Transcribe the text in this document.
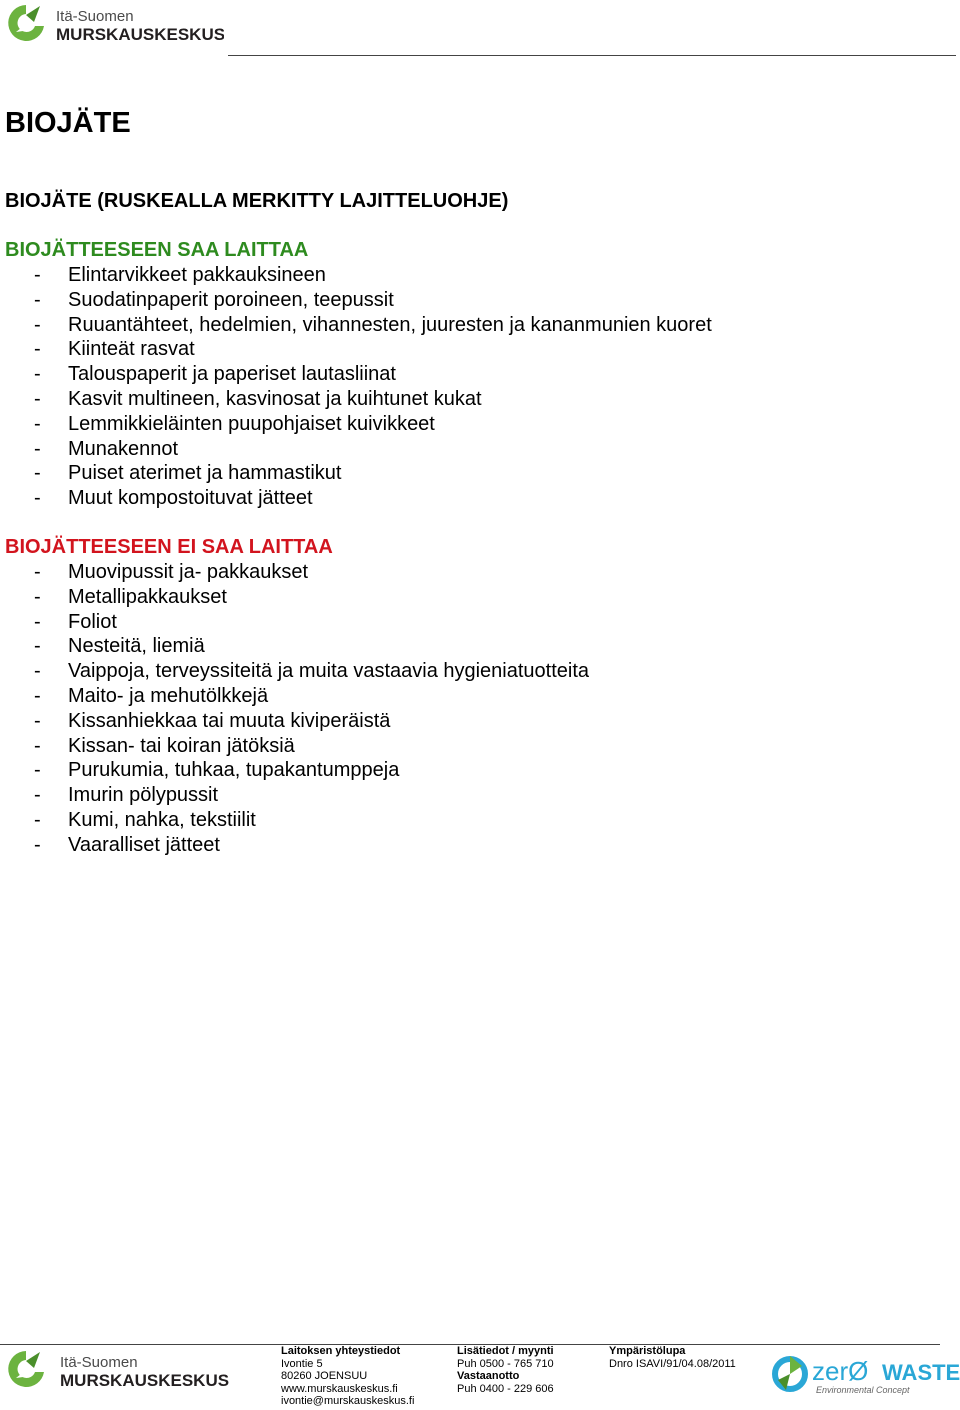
Itä-Suomen
MURSKAUSKESKUS
BIOJÄTE
BIOJÄTE (RUSKEALLA MERKITTY LAJITTELUOHJE)
BIOJÄTTEESEEN SAA LAITTAA
- Elintarvikkeet pakkauksineen
- Suodatinpaperit poroineen, teepussit
- Ruuantähteet, hedelmien, vihannesten, juuresten ja kananmunien kuoret
- Kiinteät rasvat
- Talouspaperit ja paperiset lautasliinat
- Kasvit multineen, kasvinosat ja kuihtunet kukat
- Lemmikkieläinten puupohjaiset kuivikkeet
- Munakennot
- Puiset aterimet ja hammastikut
- Muut kompostoituvat jätteet
BIOJÄTTEESEEN EI SAA LAITTAA
- Muovipussit ja- pakkaukset
- Metallipakkaukset
- Foliot
- Nesteitä, liemiä
- Vaippoja, terveyssiteitä ja muita vastaavia hygieniatuotteita
- Maito- ja mehutölkkejä
- Kissanhiekkaa tai muuta kiviperäistä
- Kissan- tai koiran jätöksiä
- Purukumia, tuhkaa, tupakantumppeja
- Imurin pölypussit
- Kumi, nahka, tekstiilit
- Vaaralliset jätteet
Itä-Suomen
MURSKAUSKESKUS
Laitoksen yhteystiedot
Ivontie 5
80260 JOENSUU
www.murskauskeskus.fi
ivontie@murskauskeskus.fi
Lisätiedot / myynti
Puh 0500 - 765 710
Vastaanotto
Puh 0400 - 229 606
Ympäristölupa
Dnro ISAVI/91/04.08/2011	zerØ WASTE
Environmental Concept
